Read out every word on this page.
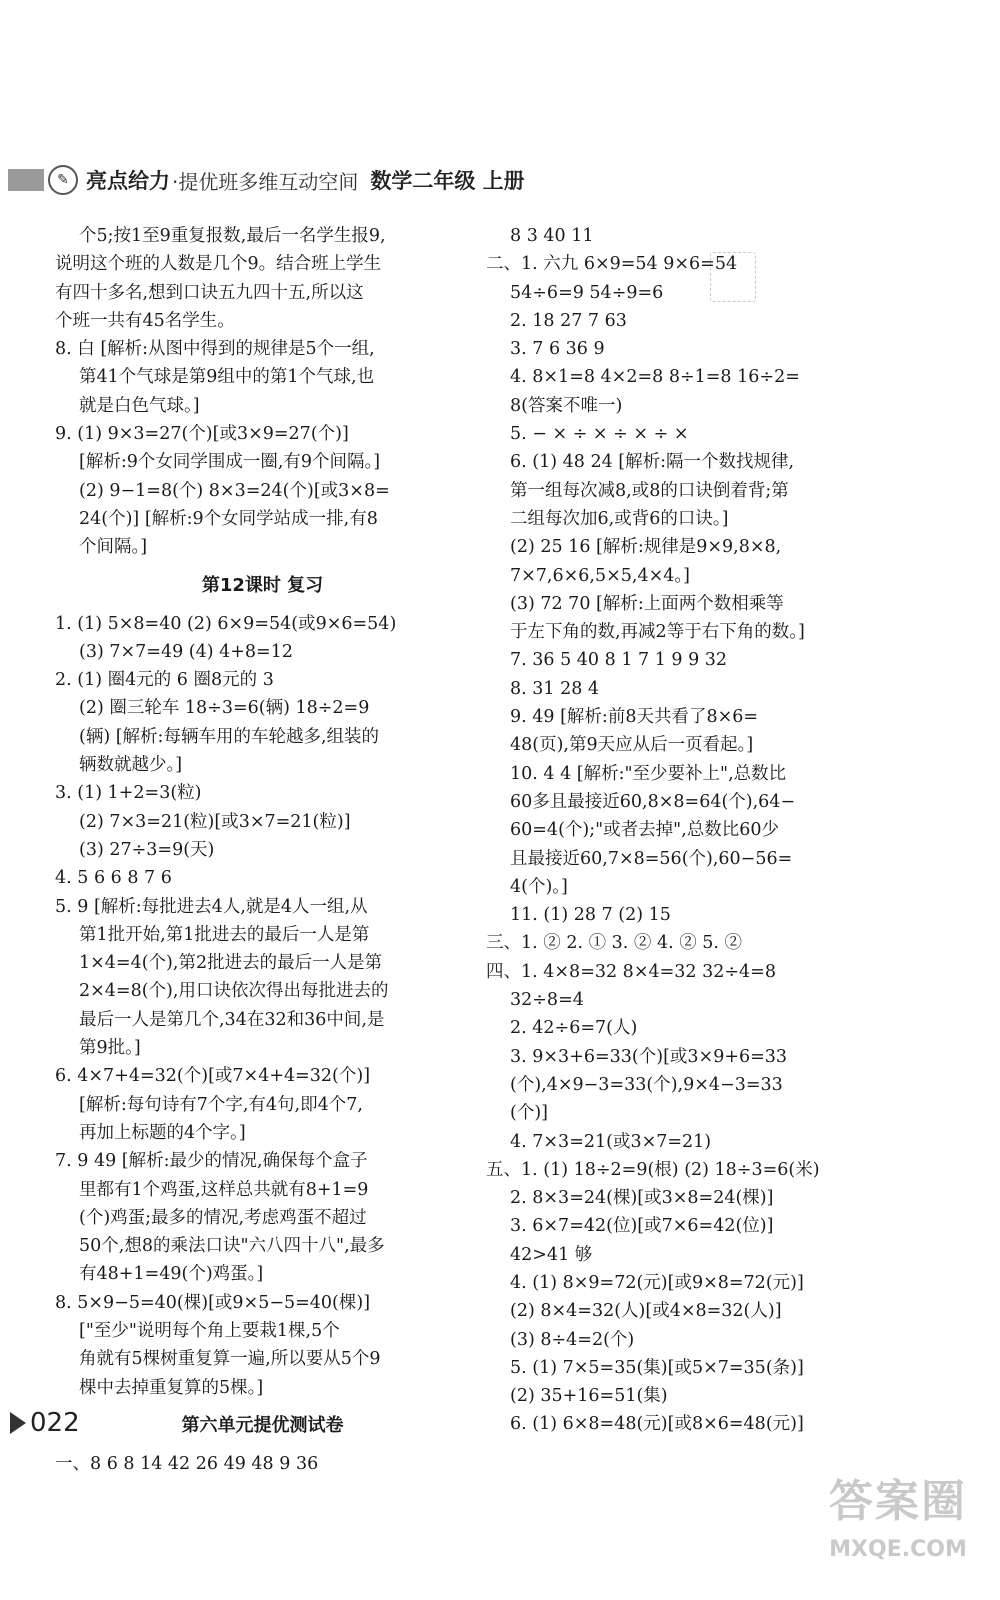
✎ 亮点给力 ·提优班多维互动空间 数学二年级 上册
个5;按1至9重复报数,最后一名学生报9,
说明这个班的人数是几个9。结合班上学生
有四十多名,想到口诀五九四十五,所以这
个班一共有45名学生。
8. 白 [解析:从图中得到的规律是5个一组,
第41个气球是第9组中的第1个气球,也
就是白色气球。]
9. (1) 9×3=27(个)[或3×9=27(个)]
[解析:9个女同学围成一圈,有9个间隔。]
(2) 9−1=8(个) 8×3=24(个)[或3×8=
24(个)] [解析:9个女同学站成一排,有8
个间隔。]
第12课时 复习
1. (1) 5×8=40 (2) 6×9=54(或9×6=54)
(3) 7×7=49 (4) 4+8=12
2. (1) 圈4元的 6 圈8元的 3
(2) 圈三轮车 18÷3=6(辆) 18÷2=9
(辆) [解析:每辆车用的车轮越多,组装的
辆数就越少。]
3. (1) 1+2=3(粒)
(2) 7×3=21(粒)[或3×7=21(粒)]
(3) 27÷3=9(天)
4. 5 6 6 8 7 6
5. 9 [解析:每批进去4人,就是4人一组,从
第1批开始,第1批进去的最后一人是第
1×4=4(个),第2批进去的最后一人是第
2×4=8(个),用口诀依次得出每批进去的
最后一人是第几个,34在32和36中间,是
第9批。]
6. 4×7+4=32(个)[或7×4+4=32(个)]
[解析:每句诗有7个字,有4句,即4个7,
再加上标题的4个字。]
7. 9 49 [解析:最少的情况,确保每个盒子
里都有1个鸡蛋,这样总共就有8+1=9
(个)鸡蛋;最多的情况,考虑鸡蛋不超过
50个,想8的乘法口诀"六八四十八",最多
有48+1=49(个)鸡蛋。]
8. 5×9−5=40(棵)[或9×5−5=40(棵)]
["至少"说明每个角上要栽1棵,5个
角就有5棵树重复算一遍,所以要从5个9
棵中去掉重复算的5棵。]
第六单元提优测试卷
一、8 6 8 14 42 26 49 48 9 36
8 3 40 11
二、1. 六九 6×9=54 9×6=54
54÷6=9 54÷9=6
2. 18 27 7 63
3. 7 6 36 9
4. 8×1=8 4×2=8 8÷1=8 16÷2=
8(答案不唯一)
5. − × ÷ × ÷ × ÷ ×
6. (1) 48 24 [解析:隔一个数找规律,
第一组每次减8,或8的口诀倒着背;第
二组每次加6,或背6的口诀。]
(2) 25 16 [解析:规律是9×9,8×8,
7×7,6×6,5×5,4×4。]
(3) 72 70 [解析:上面两个数相乘等
于左下角的数,再减2等于右下角的数。]
7. 36 5 40 8 1 7 1 9 9 32
8. 31 28 4
9. 49 [解析:前8天共看了8×6=
48(页),第9天应从后一页看起。]
10. 4 4 [解析:"至少要补上",总数比
60多且最接近60,8×8=64(个),64−
60=4(个);"或者去掉",总数比60少
且最接近60,7×8=56(个),60−56=
4(个)。]
11. (1) 28 7 (2) 15
三、1. ② 2. ① 3. ② 4. ② 5. ②
四、1. 4×8=32 8×4=32 32÷4=8
32÷8=4
2. 42÷6=7(人)
3. 9×3+6=33(个)[或3×9+6=33
(个),4×9−3=33(个),9×4−3=33
(个)]
4. 7×3=21(或3×7=21)
五、1. (1) 18÷2=9(根) (2) 18÷3=6(米)
2. 8×3=24(棵)[或3×8=24(棵)]
3. 6×7=42(位)[或7×6=42(位)]
42>41 够
4. (1) 8×9=72(元)[或9×8=72(元)]
(2) 8×4=32(人)[或4×8=32(人)]
(3) 8÷4=2(个)
5. (1) 7×5=35(集)[或5×7=35(条)]
(2) 35+16=51(集)
6. (1) 6×8=48(元)[或8×6=48(元)]
022
答案圈
MXQE.COM
